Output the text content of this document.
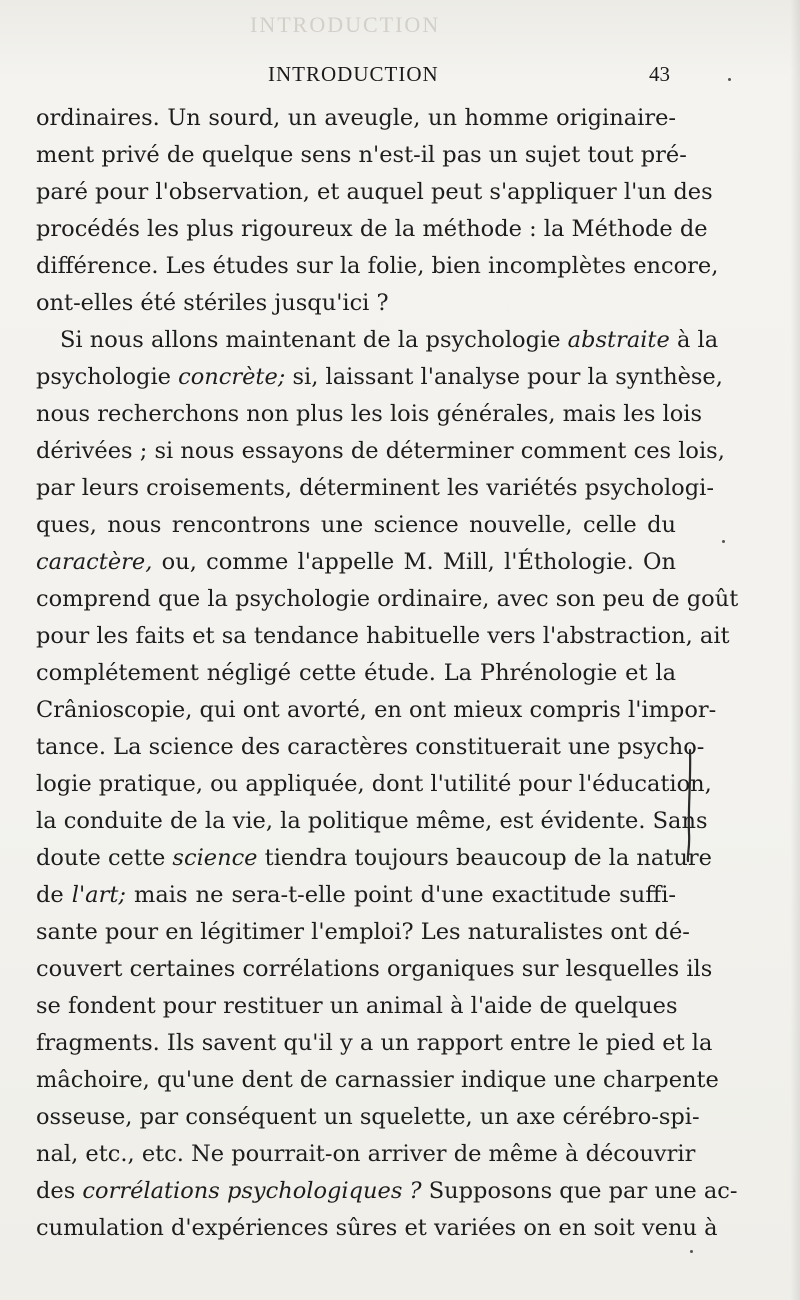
INTRODUCTION
INTRODUCTION	43
ordinaires. Un sourd, un aveugle, un homme originaire-
ment privé de quelque sens n'est-il pas un sujet tout pré-
paré pour l'observation, et auquel peut s'appliquer l'un des
procédés les plus rigoureux de la méthode : la Méthode de
différence. Les études sur la folie, bien incomplètes encore,
ont-elles été stériles jusqu'ici ?
Si nous allons maintenant de la psychologie abstraite à la
psychologie concrète; si, laissant l'analyse pour la synthèse,
nous recherchons non plus les lois générales, mais les lois
dérivées ; si nous essayons de déterminer comment ces lois,
par leurs croisements, déterminent les variétés psychologi-
ques, nous rencontrons une science nouvelle, celle du
caractère, ou, comme l'appelle M. Mill, l'Éthologie. On
comprend que la psychologie ordinaire, avec son peu de goût
pour les faits et sa tendance habituelle vers l'abstraction, ait
complétement négligé cette étude. La Phrénologie et la
Crânioscopie, qui ont avorté, en ont mieux compris l'impor-
tance. La science des caractères constituerait une psycho-
logie pratique, ou appliquée, dont l'utilité pour l'éducation,
la conduite de la vie, la politique même, est évidente. Sans
doute cette science tiendra toujours beaucoup de la nature
de l'art; mais ne sera-t-elle point d'une exactitude suffi-
sante pour en légitimer l'emploi? Les naturalistes ont dé-
couvert certaines corrélations organiques sur lesquelles ils
se fondent pour restituer un animal à l'aide de quelques
fragments. Ils savent qu'il y a un rapport entre le pied et la
mâchoire, qu'une dent de carnassier indique une charpente
osseuse, par conséquent un squelette, un axe cérébro-spi-
nal, etc., etc. Ne pourrait-on arriver de même à découvrir
des corrélations psychologiques ? Supposons que par une ac-
cumulation d'expériences sûres et variées on en soit venu à
